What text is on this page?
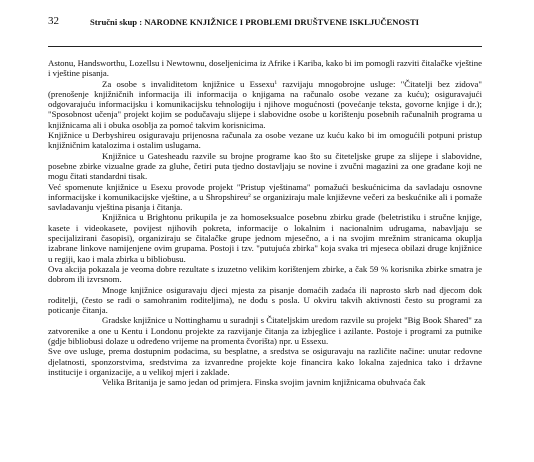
32	Stručni skup : NARODNE KNJIŽNICE I PROBLEMI DRUŠTVENE ISKLJUČENOSTI

Astonu, Handsworthu, Lozellsu i Newtownu, doseljenicima iz Afrike i Kariba, kako bi im pomogli razviti čitalačke vještine i vještine pisanja.

Za osobe s invaliditetom knjižnice u Essexu$^1$ razvijaju mnogobrojne usluge: "Čitatelji bez zidova" (prenošenje knjižničnih informacija ili informacija o knjigama na računalo osobe vezane za kuću); osiguravajući odgovarajuću informacijsku i komunikacijsku tehnologiju i njihove mogućnosti (povećanje teksta, govorne knjige i dr.); "Sposobnost učenja" projekt kojim se podučavaju slijepe i slabovidne osobe u korištenju posebnih računalnih programa u knjižnicama ali i obuka osoblja za pomoć takvim korisnicima.

Knjižnice u Derbyshireu osiguravaju prijenosna računala za osobe vezane uz kuću kako bi im omogućili potpuni pristup knjižničnim katalozima i ostalim uslugama.

Knjižnice u Gatesheadu razvile su brojne programe kao što su čiteteljske grupe za slijepe i slabovidne, posebne zbirke vizualne grade za gluhe, četiri puta tjedno dostavljaju se novine i zvučni magazini za one građane koji ne mogu čitati standardni tisak.

Već spomenute knjižnice u Esexu provode projekt "Pristup vještinama" pomažući beskućnicima da savladaju osnovne informacijske i komunikacijske vještine, a u Shropshireu$^2$ se organiziraju male književne večeri za beskućnike ali i pomaže savladavanju vještina pisanja i čitanja.

Knjižnica u Brightonu prikupila je za homoseksualce posebnu zbirku grade (beletristiku i stručne knjige, kasete i videokasete, povijest njihovih pokreta, informacije o lokalnim i nacionalnim udrugama, nabavljaju se specijalizirani časopisi), organiziraju se čitalačke grupe jednom mjesečno, a i na svojim mrežnim stranicama okuplja izabrane linkove namijenjene ovim grupama. Postoji i tzv. "putujuća zbirka" koja svaka tri mjeseca obilazi druge knjižnice u regiji, kao i mala zbirka u bibliobusu.

Ova akcija pokazala je veoma dobre rezultate s izuzetno velikim korištenjem zbirke, a čak 59 % korisnika zbirke smatra je dobrom ili izvrsnom.

Mnoge knjižnice osiguravaju djeci mjesta za pisanje domaćih zadaća ili naprosto skrb nad djecom dok roditelji, (često se radi o samohranim roditeljima), ne dođu s posla. U okviru takvih aktivnosti često su programi za poticanje čitanja.

Gradske knjižnice u Nottinghamu u suradnji s Čitateljskim uredom razvile su projekt "Big Book Shared" za zatvorenike a one u Kentu i Londonu projekte za razvijanje čitanja za izbjeglice i azilante. Postoje i programi za putnike (gdje bibliobusi dolaze u određeno vrijeme na promenta čvorišta) npr. u Essexu.

Sve ove usluge, prema dostupnim podacima, su besplatne, a sredstva se osiguravaju na različite načine: unutar redovne djelatnosti, sponzorstvima, sredstvima za izvanredne projekte koje financira kako lokalna zajednica tako i državne institucije i organizacije, a u velikoj mjeri i zaklade.

Velika Britanija je samo jedan od primjera. Finska svojim javnim knjižnicama obuhvaća čak
